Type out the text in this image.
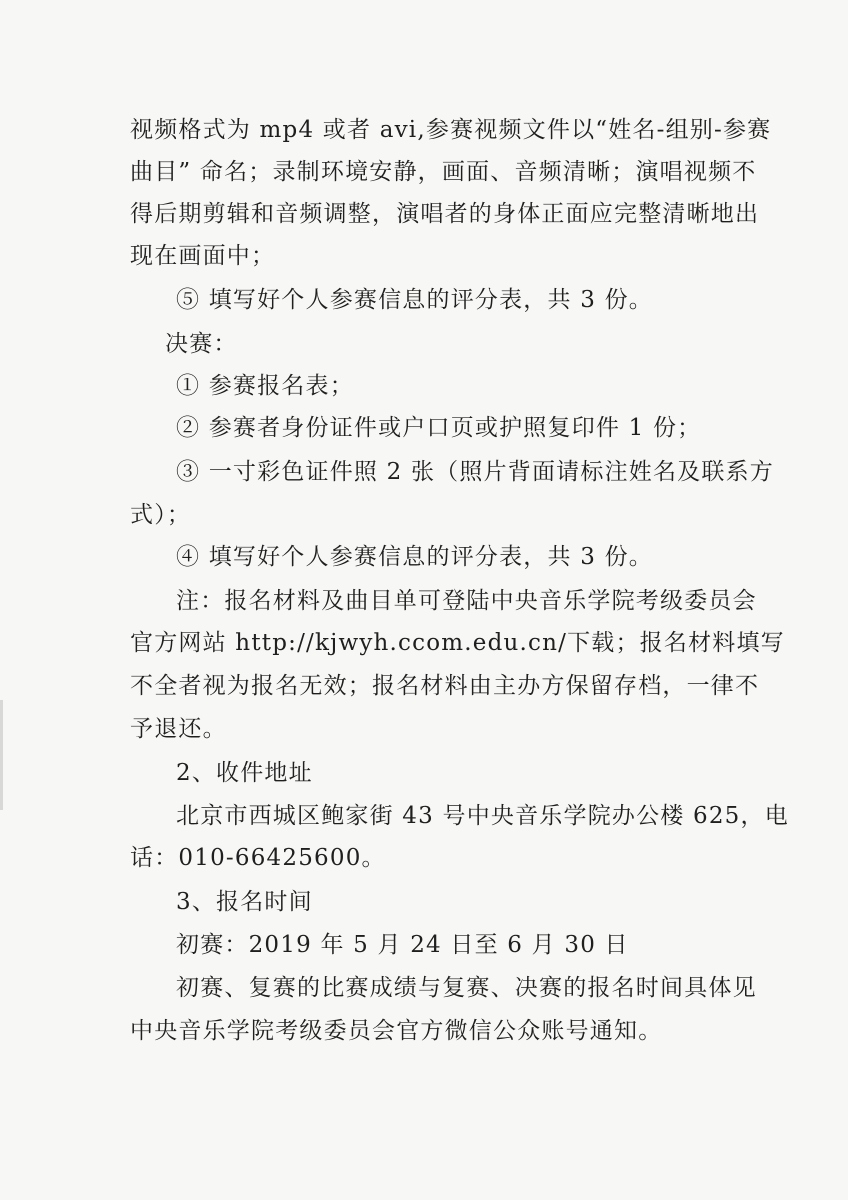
视频格式为 mp4 或者 avi,参赛视频文件以“姓名-组别-参赛
曲目” 命名；录制环境安静，画面、音频清晰；演唱视频不
得后期剪辑和音频调整，演唱者的身体正面应完整清晰地出
现在画面中；
⑤ 填写好个人参赛信息的评分表，共 3 份。
决赛：
① 参赛报名表；
② 参赛者身份证件或户口页或护照复印件 1 份；
③ 一寸彩色证件照 2 张（照片背面请标注姓名及联系方
式）；
④ 填写好个人参赛信息的评分表，共 3 份。
注：报名材料及曲目单可登陆中央音乐学院考级委员会
官方网站 http://kjwyh.ccom.edu.cn/下载；报名材料填写
不全者视为报名无效；报名材料由主办方保留存档，一律不
予退还。
2、收件地址
北京市西城区鲍家街 43 号中央音乐学院办公楼 625，电
话：010-66425600。
3、报名时间
初赛：2019 年 5 月 24 日至 6 月 30 日
初赛、复赛的比赛成绩与复赛、决赛的报名时间具体见
中央音乐学院考级委员会官方微信公众账号通知。
